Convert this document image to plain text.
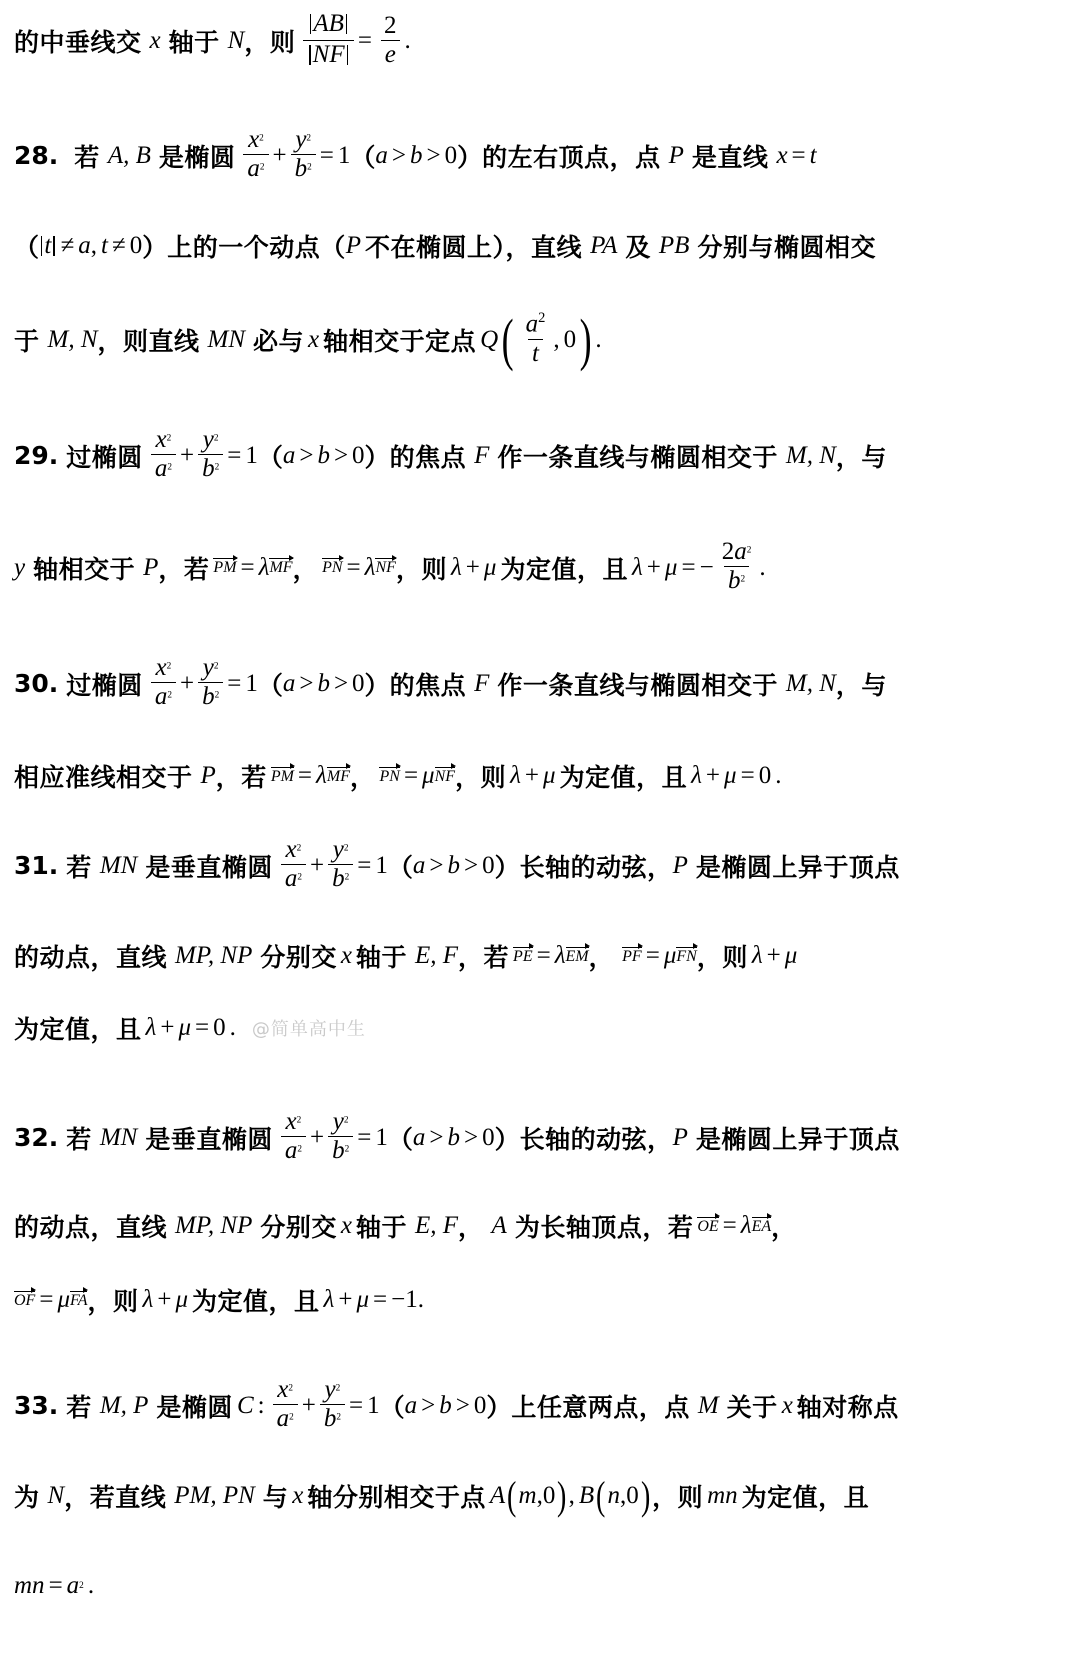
的中垂线交 x 轴于 N ， 则 $\frac{AB}{NF} = \frac{2}{e}$ .
28. 若 A, B 是椭圆 $\frac{x^2}{a^2} + \frac{y^2}{b^2} = 1$ （ a > b > 0 ） 的左右顶点，点 P 是直线 x = t
（ t ≠ a , t ≠ 0 ） 上的一个动点（ P 不在椭圆上），直线 PA 及 PB 分别与椭圆相交
于 M, N ，则直线 MN 必与 x 轴相交于定点 Q ( $\frac{a^2}{t}$ , 0 ) .
29. 过椭圆 $\frac{x^2}{a^2} + \frac{y^2}{b^2} = 1$ （ a > b > 0 ） 的焦点 F 作一条直线与椭圆相交于 M, N ，与
y 轴相交于 P ，若 PM = λ MF ， PN = λ NF ，则 λ + μ 为定值，且 λ + μ = − $\frac{2a^2}{b^2}$ .
30. 过椭圆 $\frac{x^2}{a^2} + \frac{y^2}{b^2} = 1$ （ a > b > 0 ） 的焦点 F 作一条直线与椭圆相交于 M, N ，与
相应准线相交于 P ，若 PM = λ MF ， PN = μ NF ，则 λ + μ 为定值，且 λ + μ = 0 .
31. 若 MN 是垂直椭圆 $\frac{x^2}{a^2} + \frac{y^2}{b^2} = 1$ （ a > b > 0 ） 长轴的动弦， P 是椭圆上异于顶点
的动点，直线 MP, NP 分别交 x 轴于 E, F ，若 PE = λ EM ， PF = μ FN ，则 λ + μ
为定值，且 λ + μ = 0 . @简单高中生
32. 若 MN 是垂直椭圆 $\frac{x^2}{a^2} + \frac{y^2}{b^2} = 1$ （ a > b > 0 ） 长轴的动弦， P 是椭圆上异于顶点
的动点，直线 MP, NP 分别交 x 轴于 E, F ， A 为长轴顶点，若 OE = λ EA ，
OF = μ FA ，则 λ + μ 为定值，且 λ + μ = − 1 .
33. 若 M, P 是椭圆 C : $\frac{x^2}{a^2} + \frac{y^2}{b^2} = 1$ （ a > b > 0 ） 上任意两点，点 M 关于 x 轴对称点
为 N ，若直线 PM, PN 与 x 轴分别相交于点 A ( m , 0 ) , B ( n , 0 ) ，则 mn 为定值，且
mn = a 2 .
